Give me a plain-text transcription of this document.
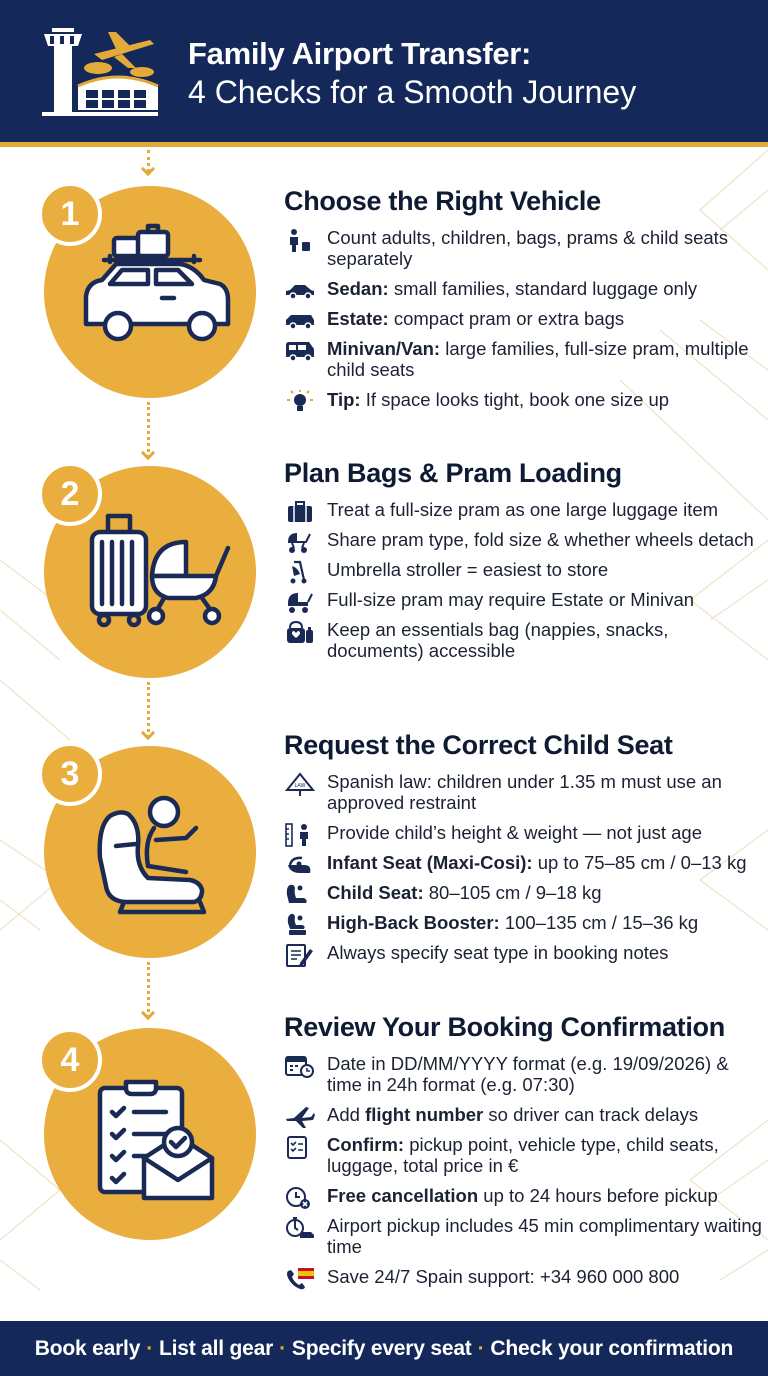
Family Airport Transfer:
4 Checks for a Smooth Journey
1	Choose the Right Vehicle
Count adults, children, bags, prams & child seats separately
Sedan: small families, standard luggage only
Estate: compact pram or extra bags
Minivan/Van: large families, full-size pram, multiple child seats
Tip: If space looks tight, book one size up
2
Plan Bags & Pram Loading
Treat a full-size pram as one large luggage item
Share pram type, fold size & whether wheels detach
Umbrella stroller = easiest to store
Full-size pram may require Estate or Minivan
Keep an essentials bag (nappies, snacks, documents) accessible
3
Request the Correct Child Seat
LAW Spanish law: children under 1.35 m must use an approved restraint
Provide child’s height & weight — not just age
Infant Seat (Maxi-Cosi): up to 75–85 cm / 0–13 kg
Child Seat: 80–105 cm / 9–18 kg
High-Back Booster: 100–135 cm / 15–36 kg
Always specify seat type in booking notes
4
Review Your Booking Confirmation
Date in DD/MM/YYYY format (e.g. 19/09/2026) & time in 24h format (e.g. 07:30)
Add flight number so driver can track delays
Confirm: pickup point, vehicle type, child seats, luggage, total price in €
Free cancellation up to 24 hours before pickup
Airport pickup includes 45 min complimentary waiting time
Save 24/7 Spain support: +34 960 000 800
Book early · List all gear · Specify every seat · Check your confirmation
